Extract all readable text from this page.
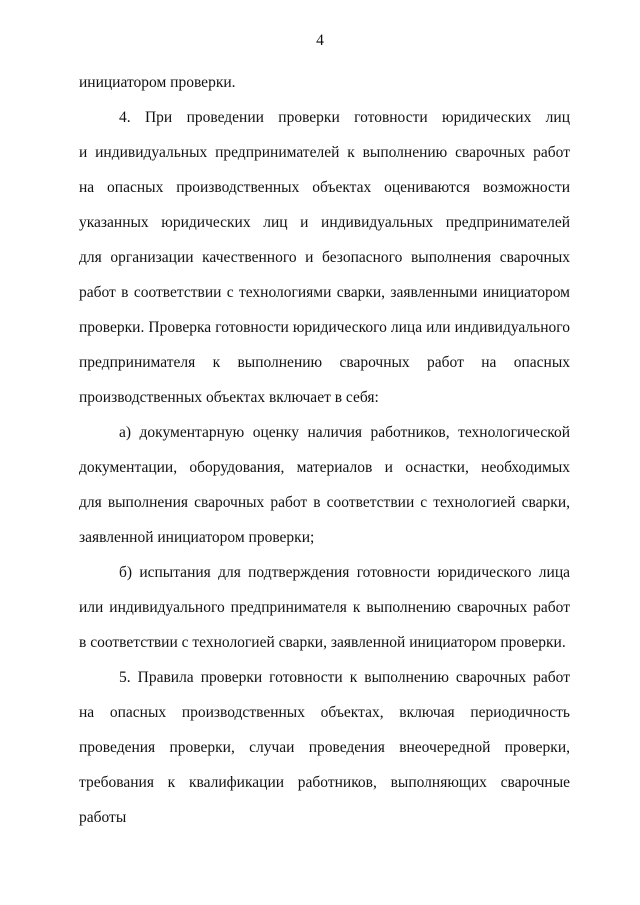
4
инициатором проверки.
4. При проведении проверки готовности юридических лиц
и индивидуальных предпринимателей к выполнению сварочных работ
на опасных производственных объектах оцениваются возможности
указанных юридических лиц и индивидуальных предпринимателей
для организации качественного и безопасного выполнения сварочных
работ в соответствии с технологиями сварки, заявленными инициатором
проверки. Проверка готовности юридического лица или индивидуального
предпринимателя к выполнению сварочных работ на опасных
производственных объектах включает в себя:
а) документарную оценку наличия работников, технологической
документации, оборудования, материалов и оснастки, необходимых
для выполнения сварочных работ в соответствии с технологией сварки,
заявленной инициатором проверки;
б) испытания для подтверждения готовности юридического лица
или индивидуального предпринимателя к выполнению сварочных работ
в соответствии с технологией сварки, заявленной инициатором проверки.
5. Правила проверки готовности к выполнению сварочных работ
на опасных производственных объектах, включая периодичность
проведения проверки, случаи проведения внеочередной проверки,
требования к квалификации работников, выполняющих сварочные работы
